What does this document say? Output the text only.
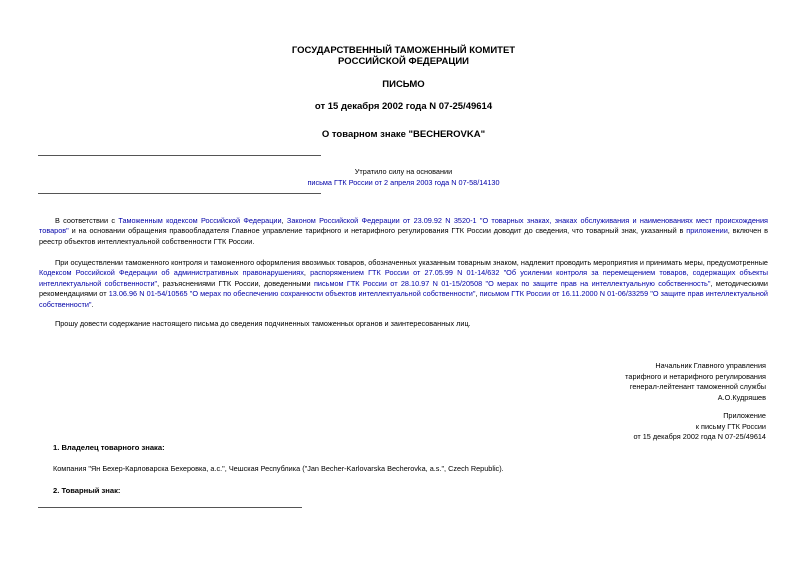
ГОСУДАРСТВЕННЫЙ ТАМОЖЕННЫЙ КОМИТЕТ
РОССИЙСКОЙ ФЕДЕРАЦИИ
ПИСЬМО
от 15 декабря 2002 года N 07-25/49614
О товарном знаке "BECHEROVKA"
Утратило силу на основании
письма ГТК России от 2 апреля 2003 года N 07-58/14130
В соответствии с Таможенным кодексом Российской Федерации, Законом Российской Федерации от 23.09.92 N 3520-1 "О товарных знаках, знаках обслуживания и наименованиях мест происхождения товаров" и на основании обращения правообладателя Главное управление тарифного и нетарифного регулирования ГТК России доводит до сведения, что товарный знак, указанный в приложении, включен в реестр объектов интеллектуальной собственности ГТК России.
При осуществлении таможенного контроля и таможенного оформления ввозимых товаров, обозначенных указанным товарным знаком, надлежит проводить мероприятия и принимать меры, предусмотренные Кодексом Российской Федерации об административных правонарушениях, распоряжением ГТК России от 27.05.99 N 01-14/632 "Об усилении контроля за перемещением товаров, содержащих объекты интеллектуальной собственности", разъяснениями ГТК России, доведенными письмом ГТК России от 28.10.97 N 01-15/20508 "О мерах по защите прав на интеллектуальную собственность", методическими рекомендациями от 13.06.96 N 01-54/10565 "О мерах по обеспечению сохранности объектов интеллектуальной собственности", письмом ГТК России от 16.11.2000 N 01-06/33259 "О защите прав интеллектуальной собственности".
Прошу довести содержание настоящего письма до сведения подчиненных таможенных органов и заинтересованных лиц.
Начальник Главного управления
тарифного и нетарифного регулирования
генерал-лейтенант таможенной службы
А.О.Кудряшев
Приложение
к письму ГТК России
от 15 декабря 2002 года N 07-25/49614
1. Владелец товарного знака:
Компания "Ян Бехер-Карловарска Бехеровка, а.с.", Чешская Республика ("Jan Becher-Karlovarska Becherovka, a.s.", Czech Republic).
2. Товарный знак:
